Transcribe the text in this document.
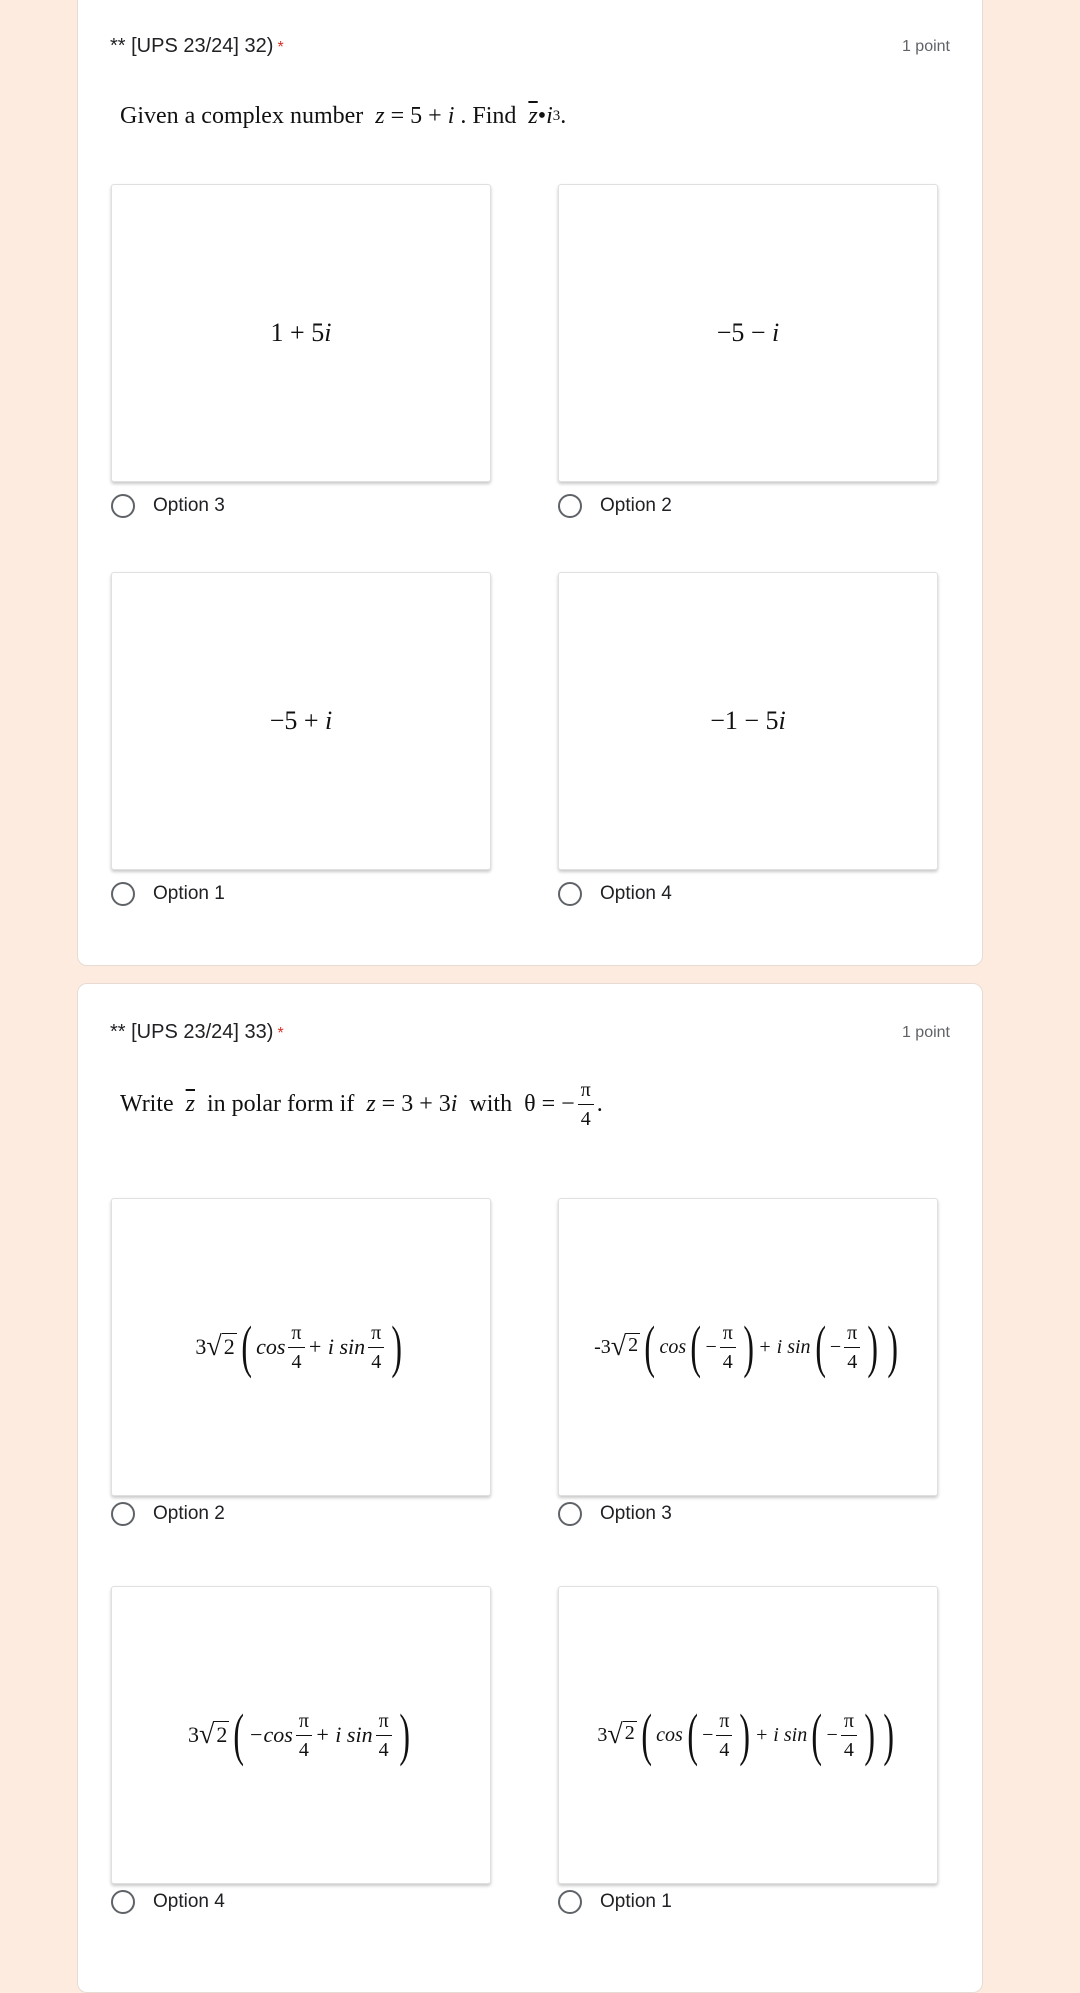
** [UPS 23/24] 32) *	1 point
Given a complex number
z
= 5 +
i
. Find
$\overline{z}$ • i 3 .
1 + 5 i
Option 3
−5 −
i
Option 2
−5 +
i
Option 1
−1 − 5 i
Option 4
** [UPS 23/24] 33) *	1 point
Write
$\overline{z}$
in polar form if
z
= 3 + 3 i
with
θ = − $\frac{\pi}{4}$ .
3 √ 2 ( $\cos \frac{\pi}{4} + i$ $\sin \frac{\pi}{4}$ )
Option 2
-3 √ 2 ( cos ( − $\frac{\pi}{4}$ ) + i sin ( − $\frac{\pi}{4}$ ) )
Option 3
3 √ 2 ( $-\cos \frac{\pi}{4} + i$ $\sin \frac{\pi}{4}$ )
Option 4
3 √ 2 ( cos ( − $\frac{\pi}{4}$ ) + i sin ( − $\frac{\pi}{4}$ ) )
Option 1
